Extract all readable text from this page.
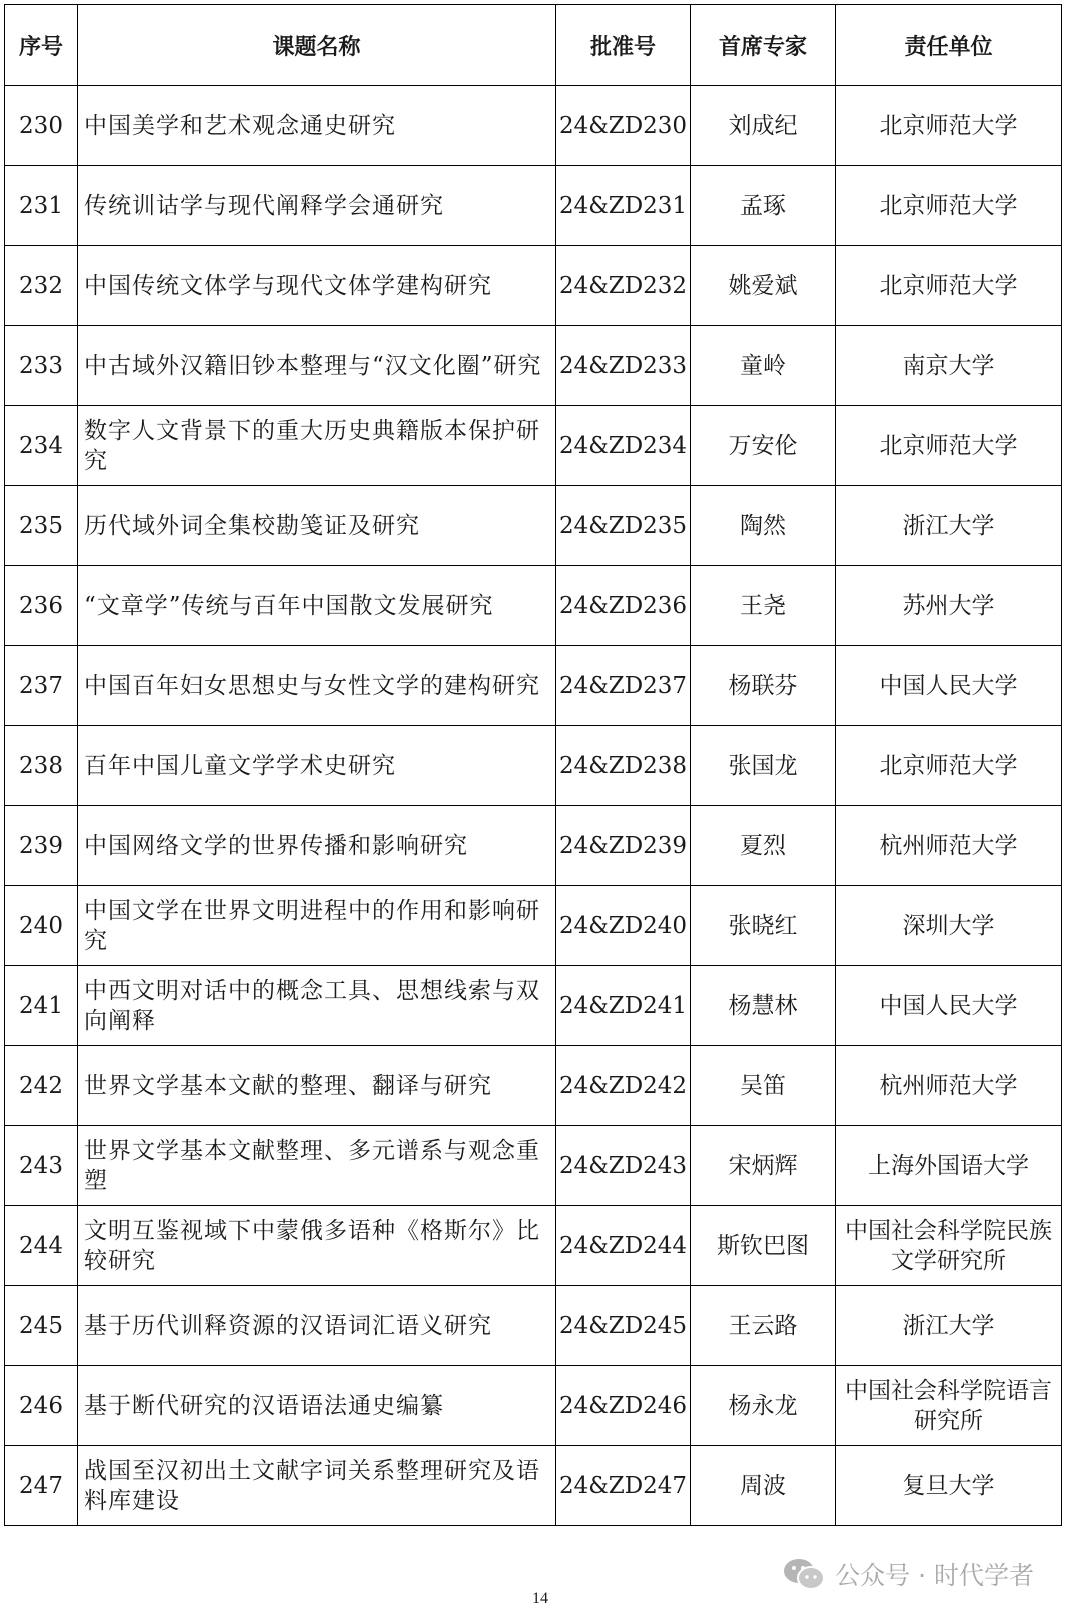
序号	课题名称	批准号	首席专家	责任单位
230	中国美学和艺术观念通史研究	24&ZD230	刘成纪	北京师范大学
231	传统训诂学与现代阐释学会通研究	24&ZD231	孟琢	北京师范大学
232	中国传统文体学与现代文体学建构研究	24&ZD232	姚爱斌	北京师范大学
233	中古域外汉籍旧钞本整理与“汉文化圈”研究	24&ZD233	童岭	南京大学
234	数字人文背景下的重大历史典籍版本保护研究	24&ZD234	万安伦	北京师范大学
235	历代域外词全集校勘笺证及研究	24&ZD235	陶然	浙江大学
236	“文章学”传统与百年中国散文发展研究	24&ZD236	王尧	苏州大学
237	中国百年妇女思想史与女性文学的建构研究	24&ZD237	杨联芬	中国人民大学
238	百年中国儿童文学学术史研究	24&ZD238	张国龙	北京师范大学
239	中国网络文学的世界传播和影响研究	24&ZD239	夏烈	杭州师范大学
240	中国文学在世界文明进程中的作用和影响研究	24&ZD240	张晓红	深圳大学
241	中西文明对话中的概念工具、思想线索与双向阐释	24&ZD241	杨慧林	中国人民大学
242	世界文学基本文献的整理、翻译与研究	24&ZD242	吴笛	杭州师范大学
243	世界文学基本文献整理、多元谱系与观念重塑	24&ZD243	宋炳辉	上海外国语大学
244	文明互鉴视域下中蒙俄多语种《格斯尔》比较研究	24&ZD244	斯钦巴图	中国社会科学院民族文学研究所
245	基于历代训释资源的汉语词汇语义研究	24&ZD245	王云路	浙江大学
246	基于断代研究的汉语语法通史编纂	24&ZD246	杨永龙	中国社会科学院语言研究所
247	战国至汉初出土文献字词关系整理研究及语料库建设	24&ZD247	周波	复旦大学
公众号 · 时代学者
14
